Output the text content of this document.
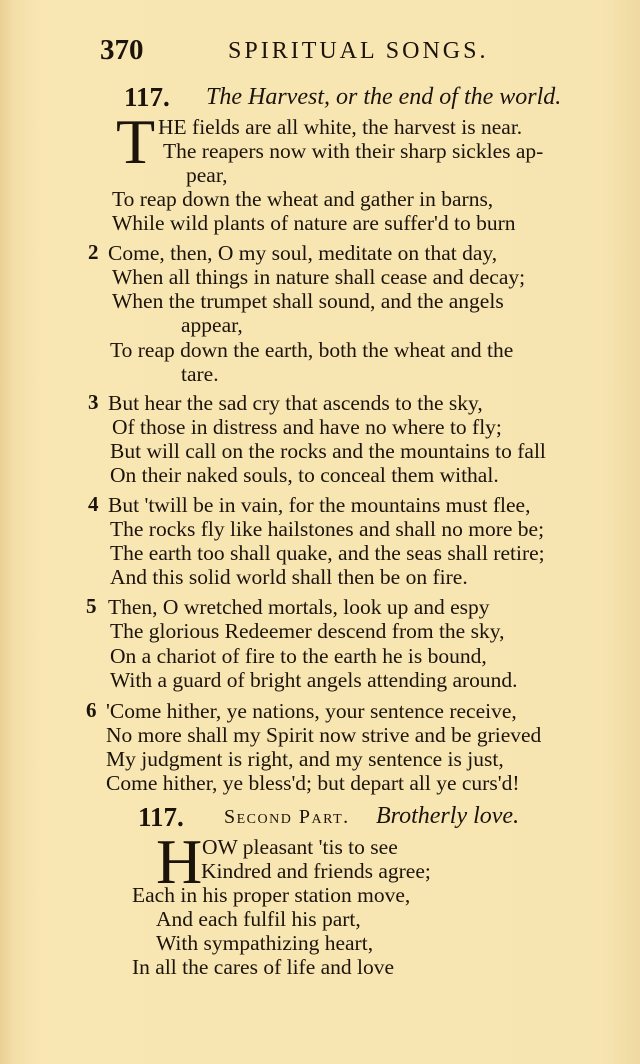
370	SPIRITUAL SONGS.
117. The Harvest, or the end of the world.
T HE fields are all white, the harvest is near.
The reapers now with their sharp sickles ap-
pear,
To reap down the wheat and gather in barns,
While wild plants of nature are suffer'd to burn
2 Come, then, O my soul, meditate on that day,
When all things in nature shall cease and decay;
When the trumpet shall sound, and the angels
appear,
To reap down the earth, both the wheat and the
tare.
3 But hear the sad cry that ascends to the sky,
Of those in distress and have no where to fly;
But will call on the rocks and the mountains to fall
On their naked souls, to conceal them withal.
4 But 'twill be in vain, for the mountains must flee,
The rocks fly like hailstones and shall no more be;
The earth too shall quake, and the seas shall retire;
And this solid world shall then be on fire.
5 Then, O wretched mortals, look up and espy
The glorious Redeemer descend from the sky,
On a chariot of fire to the earth he is bound,
With a guard of bright angels attending around.
6 'Come hither, ye nations, your sentence receive,
No more shall my Spirit now strive and be grieved
My judgment is right, and my sentence is just,
Come hither, ye bless'd; but depart all ye curs'd!
117. Second Part. Brotherly love.
H OW pleasant 'tis to see
Kindred and friends agree;
Each in his proper station move,
And each fulfil his part,
With sympathizing heart,
In all the cares of life and love
